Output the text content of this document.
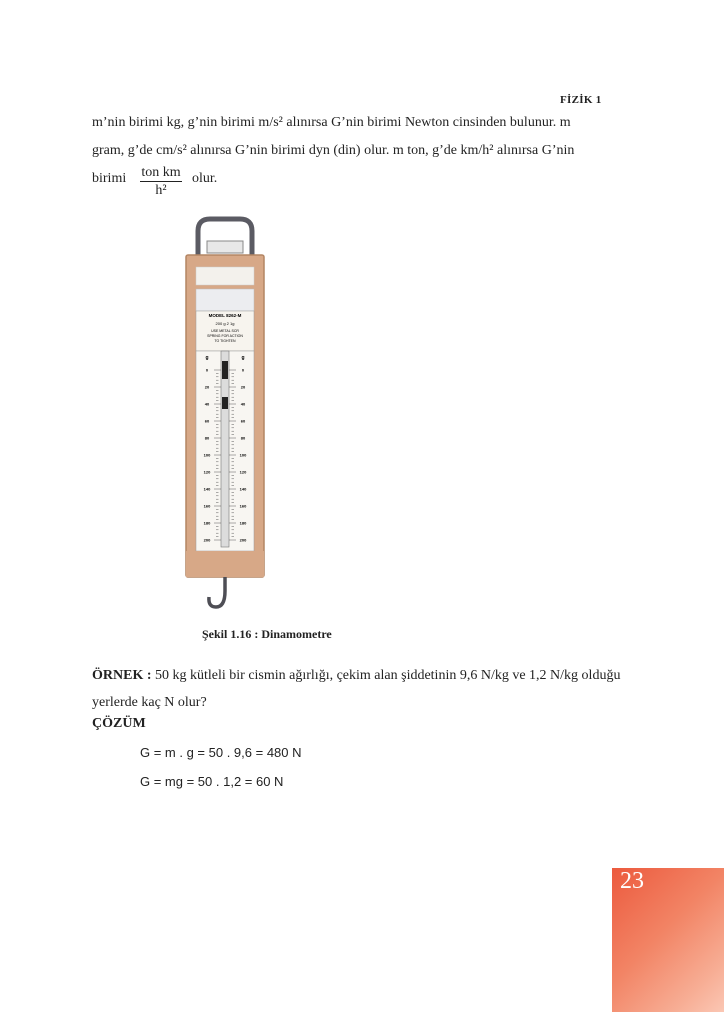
FİZİK 1
m’nin birimi kg, g’nin birimi m/s² alınırsa G’nin birimi Newton cinsinden bulunur. m
gram, g’de cm/s² alınırsa G’nin birimi dyn (din) olur. m ton, g’de km/h² alınırsa G’nin
birimi	ton km
h²
olur.
MODEL 8262-M
200 g 2 1g
USE METAL SCR
SPRING FOR ACTION
TO TIGHTEN
g	g
0	0
20	20
40	40
60	60
80	80
100	100
120	120
140	140
160	160
180	180
200	200
Şekil 1.16 : Dinamometre
ÖRNEK : 50 kg kütleli bir cismin ağırlığı, çekim alan şiddetinin 9,6 N/kg ve 1,2 N/kg olduğu yerlerde kaç N olur?
ÇÖZÜM
G = m . g = 50 . 9,6 = 480 N
G = mg = 50 . 1,2 = 60 N
23
